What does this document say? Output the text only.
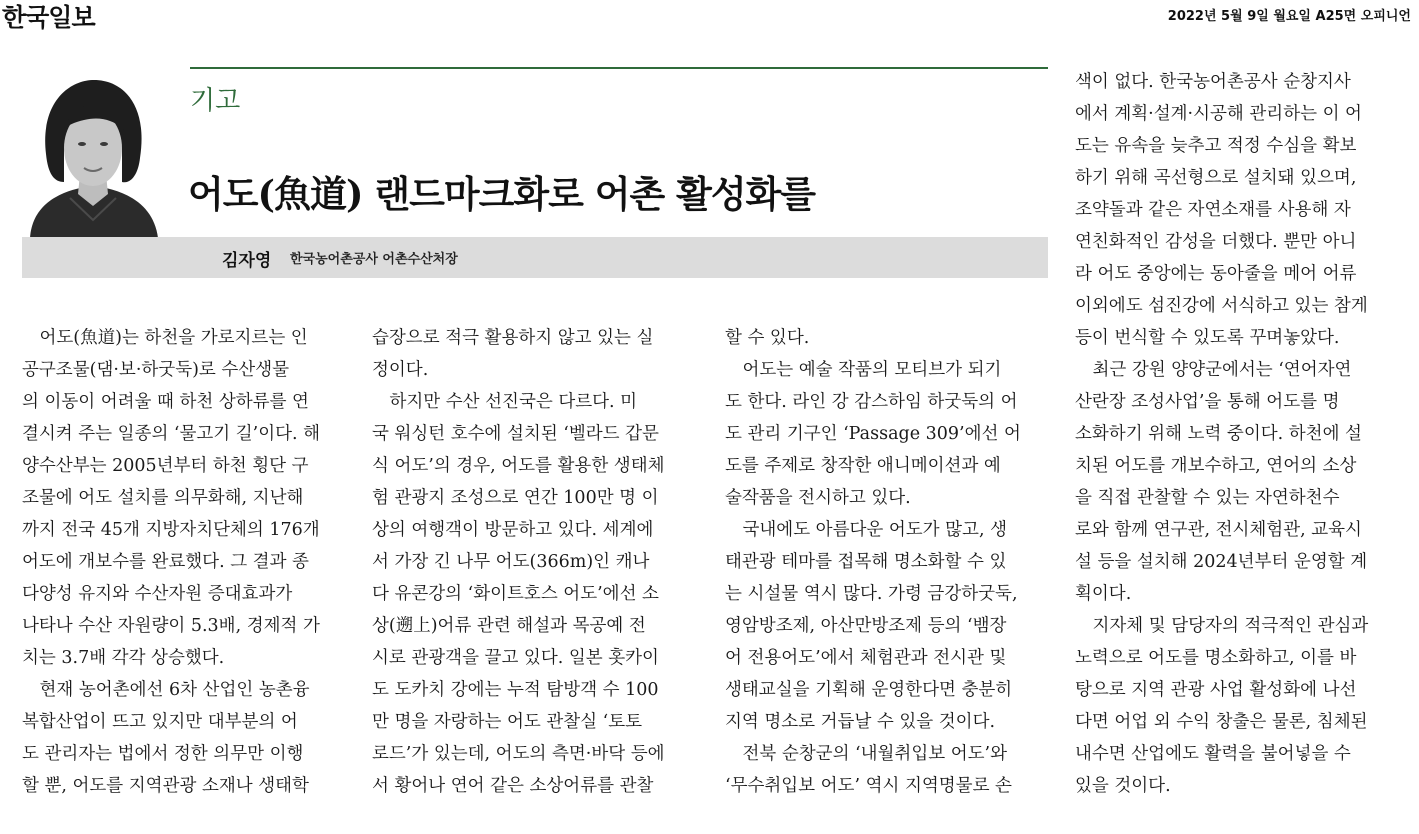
한국일보	2022년 5월 9일 월요일 A25면 오피니언
기고
어도(魚道) 랜드마크화로 어촌 활성화를
김자영 한국농어촌공사 어촌수산처장
　어도(魚道)는 하천을 가로지르는 인
공구조물(댐·보·하굿둑)로 수산생물
의 이동이 어려울 때 하천 상하류를 연
결시켜 주는 일종의 ‘물고기 길’이다. 해
양수산부는 2005년부터 하천 횡단 구
조물에 어도 설치를 의무화해, 지난해
까지 전국 45개 지방자치단체의 176개
어도에 개보수를 완료했다. 그 결과 종
다양성 유지와 수산자원 증대효과가
나타나 수산 자원량이 5.3배, 경제적 가
치는 3.7배 각각 상승했다.
　현재 농어촌에선 6차 산업인 농촌융
복합산업이 뜨고 있지만 대부분의 어
도 관리자는 법에서 정한 의무만 이행
할 뿐, 어도를 지역관광 소재나 생태학
습장으로 적극 활용하지 않고 있는 실
정이다.
　하지만 수산 선진국은 다르다. 미
국 워싱턴 호수에 설치된 ‘벨라드 갑문
식 어도’의 경우, 어도를 활용한 생태체
험 관광지 조성으로 연간 100만 명 이
상의 여행객이 방문하고 있다. 세계에
서 가장 긴 나무 어도(366m)인 캐나
다 유콘강의 ‘화이트호스 어도’에선 소
상(遡上)어류 관련 해설과 목공예 전
시로 관광객을 끌고 있다. 일본 홋카이
도 도카치 강에는 누적 탐방객 수 100
만 명을 자랑하는 어도 관찰실 ‘토토
로드’가 있는데, 어도의 측면·바닥 등에
서 황어나 연어 같은 소상어류를 관찰
할 수 있다.
　어도는 예술 작품의 모티브가 되기
도 한다. 라인 강 감스하임 하굿둑의 어
도 관리 기구인 ‘Passage 309’에선 어
도를 주제로 창작한 애니메이션과 예
술작품을 전시하고 있다.
　국내에도 아름다운 어도가 많고, 생
태관광 테마를 접목해 명소화할 수 있
는 시설물 역시 많다. 가령 금강하굿둑,
영암방조제, 아산만방조제 등의 ‘뱀장
어 전용어도’에서 체험관과 전시관 및
생태교실을 기획해 운영한다면 충분히
지역 명소로 거듭날 수 있을 것이다.
　전북 순창군의 ‘내월취입보 어도’와
‘무수취입보 어도’ 역시 지역명물로 손
색이 없다. 한국농어촌공사 순창지사
에서 계획·설계·시공해 관리하는 이 어
도는 유속을 늦추고 적정 수심을 확보
하기 위해 곡선형으로 설치돼 있으며,
조약돌과 같은 자연소재를 사용해 자
연친화적인 감성을 더했다. 뿐만 아니
라 어도 중앙에는 동아줄을 메어 어류
이외에도 섬진강에 서식하고 있는 참게
등이 번식할 수 있도록 꾸며놓았다.
　최근 강원 양양군에서는 ‘연어자연
산란장 조성사업’을 통해 어도를 명
소화하기 위해 노력 중이다. 하천에 설
치된 어도를 개보수하고, 연어의 소상
을 직접 관찰할 수 있는 자연하천수
로와 함께 연구관, 전시체험관, 교육시
설 등을 설치해 2024년부터 운영할 계
획이다.
　지자체 및 담당자의 적극적인 관심과
노력으로 어도를 명소화하고, 이를 바
탕으로 지역 관광 사업 활성화에 나선
다면 어업 외 수익 창출은 물론, 침체된
내수면 산업에도 활력을 불어넣을 수
있을 것이다.
